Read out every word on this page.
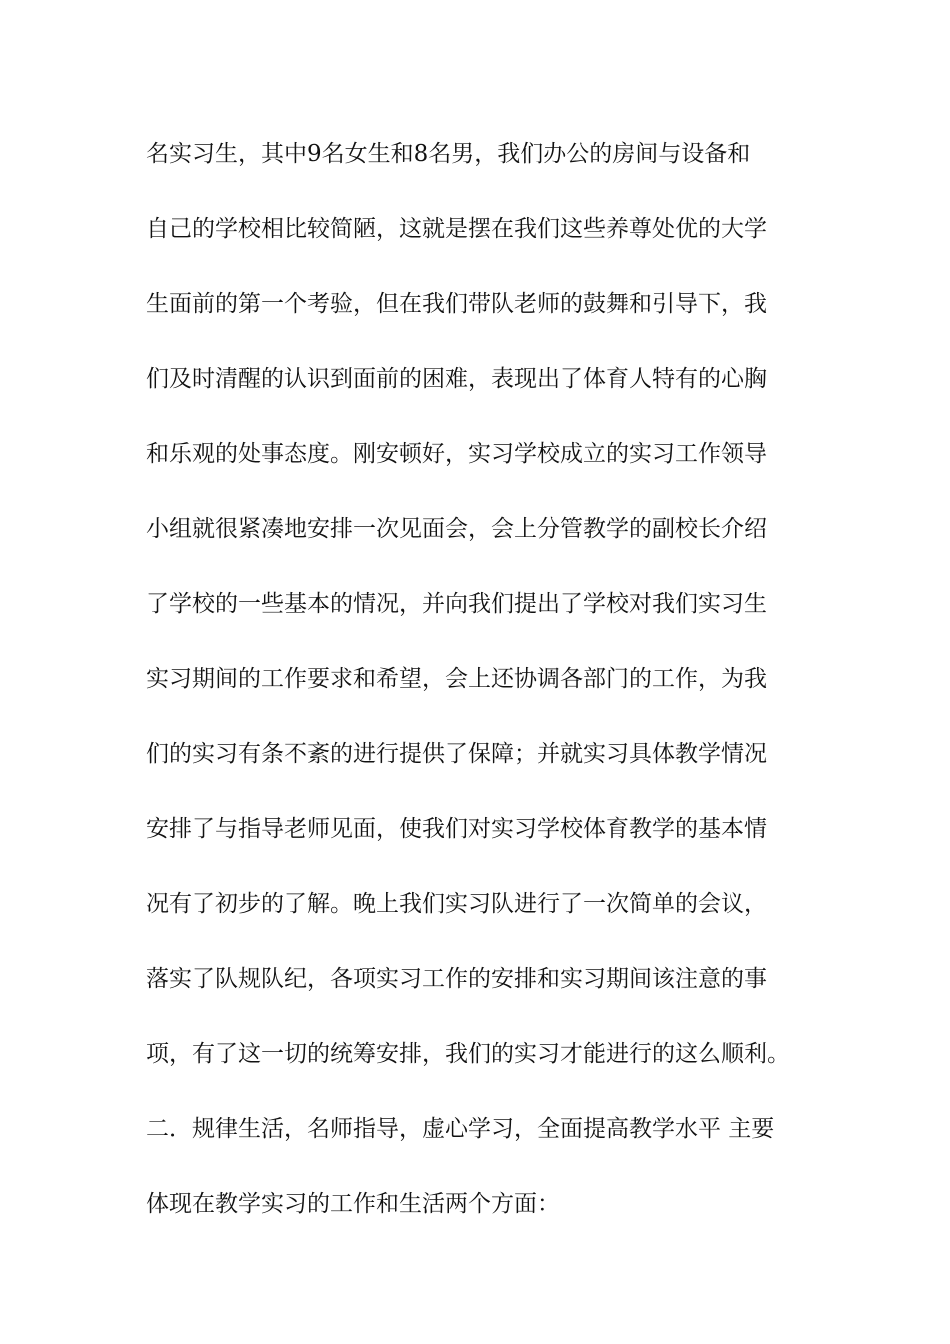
名实习生，其中9名女生和8名男，我们办公的房间与设备和
自己的学校相比较简陋，这就是摆在我们这些养尊处优的大学
生面前的第一个考验，但在我们带队老师的鼓舞和引导下，我
们及时清醒的认识到面前的困难，表现出了体育人特有的心胸
和乐观的处事态度。刚安顿好，实习学校成立的实习工作领导
小组就很紧凑地安排一次见面会，会上分管教学的副校长介绍
了学校的一些基本的情况，并向我们提出了学校对我们实习生
实习期间的工作要求和希望，会上还协调各部门的工作，为我
们的实习有条不紊的进行提供了保障；并就实习具体教学情况
安排了与指导老师见面，使我们对实习学校体育教学的基本情
况有了初步的了解。晚上我们实习队进行了一次简单的会议，
落实了队规队纪，各项实习工作的安排和实习期间该注意的事
项，有了这一切的统筹安排，我们的实习才能进行的这么顺利。
二．规律生活，名师指导，虚心学习，全面提高教学水平 主要
体现在教学实习的工作和生活两个方面：
